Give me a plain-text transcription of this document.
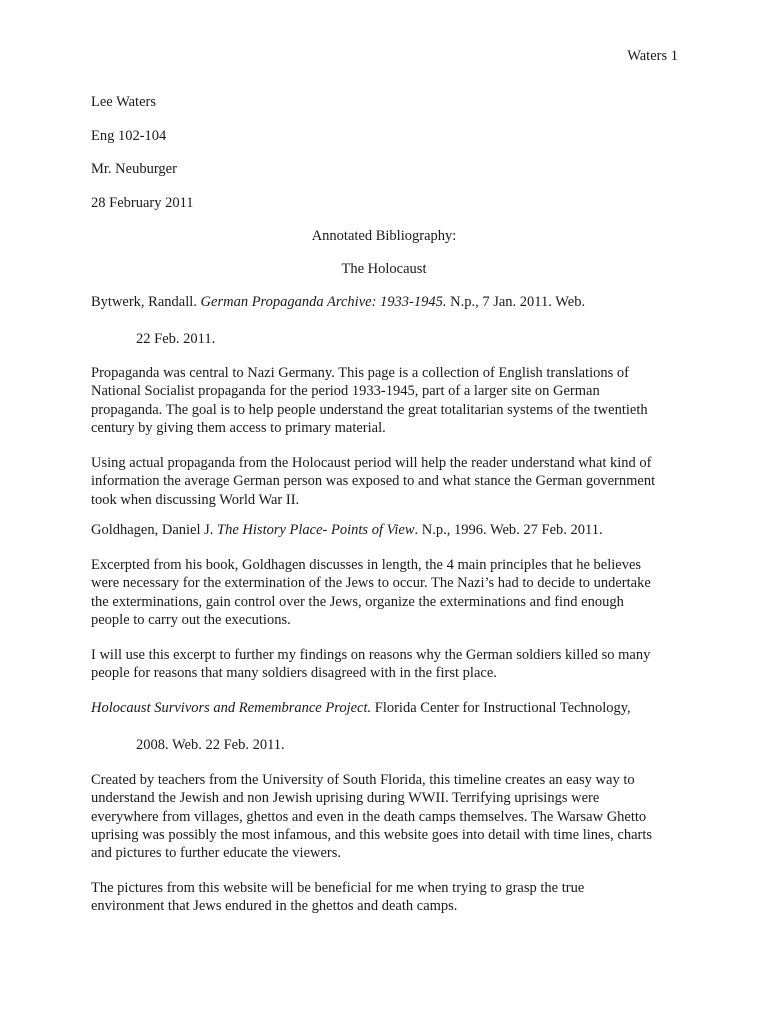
Waters 1
Lee Waters
Eng 102-104
Mr. Neuburger
28 February 2011
Annotated Bibliography:
The Holocaust
Bytwerk, Randall. German Propaganda Archive: 1933-1945. N.p., 7 Jan. 2011. Web.
22 Feb. 2011.
Propaganda was central to Nazi Germany. This page is a collection of English translations of
National Socialist propaganda for the period 1933-1945, part of a larger site on German
propaganda. The goal is to help people understand the great totalitarian systems of the twentieth
century by giving them access to primary material.
Using actual propaganda from the Holocaust period will help the reader understand what kind of
information the average German person was exposed to and what stance the German government
took when discussing World War II.
Goldhagen, Daniel J. The History Place- Points of View. N.p., 1996. Web. 27 Feb. 2011.
Excerpted from his book, Goldhagen discusses in length, the 4 main principles that he believes
were necessary for the extermination of the Jews to occur. The Nazi’s had to decide to undertake
the exterminations, gain control over the Jews, organize the exterminations and find enough
people to carry out the executions.
I will use this excerpt to further my findings on reasons why the German soldiers killed so many
people for reasons that many soldiers disagreed with in the first place.
Holocaust Survivors and Remembrance Project. Florida Center for Instructional Technology,
2008. Web. 22 Feb. 2011.
Created by teachers from the University of South Florida, this timeline creates an easy way to
understand the Jewish and non Jewish uprising during WWII. Terrifying uprisings were
everywhere from villages, ghettos and even in the death camps themselves. The Warsaw Ghetto
uprising was possibly the most infamous, and this website goes into detail with time lines, charts
and pictures to further educate the viewers.
The pictures from this website will be beneficial for me when trying to grasp the true
environment that Jews endured in the ghettos and death camps.
